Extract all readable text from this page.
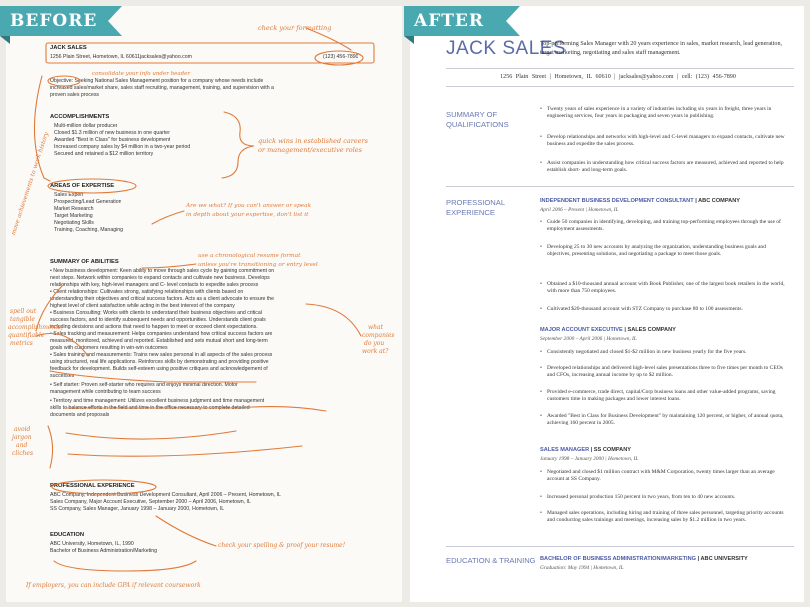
BEFORE
JACK SALES
1256 Plain Street, Hometown, IL 60611jacksales@yahoo.com	(123) 456-7890
Objective: Seeking National Sales Management position for a company whose needs include
increased sales/market share, sales staff recruiting, management, training, and supervision with a
proven sales process
ACCOMPLISHMENTS
Multi-million dollar producer
Closed $1.3 million of new business in one quarter
Awarded "Best in Class" for business development
Increased company sales by $4 million in a two-year period
Secured and retained a $12 million territory
AREAS OF EXPERTISE
Sales Expert
Prospecting/Lead Generation
Market Research
Target Marketing
Negotiating Skills
Training, Coaching, Managing
SUMMARY OF ABILITIES
• New business development: Keen ability to move through sales cycle by gaining commitment on
next steps. Network within companies to expand contacts and cultivate new business. Develops
relationships with key, high-level managers and C- level contacts to expedite sales process
• Client relationships: Cultivates strong, satisfying relationships with clients based on
understanding their objectives and critical success factors. Acts as a client advocate to ensure the
highest level of client satisfaction while acting in the best interest of the company
• Business Consulting: Works with clients to understand their business objectives and critical
success factors, and to identify subsequent needs and opportunities. Understands client goals
including decisions and actions that need to happen to meet or exceed client expectations.
• Sales tracking and measurement: Helps companies understand how critical success factors are
measured, monitored, achieved and reported. Established and sets mutual short and long-term
goals with customers resulting in win-win outcomes
• Sales training and measurements: Trains new sales personal in all aspects of the sales process
using structured, real life applications. Reinforces skills by demonstrating and providing positive
feedback for development. Builds self-esteem using positive critiques and acknowledgement of
successes
• Self starter: Proven self-starter who requires and enjoys minimal direction. Motor
management while contributing to team success
• Territory and time management: Utilizes excellent business judgment and time management
skills to balance efforts in the field and time in the office necessary to complete detailed
documents and proposals
PROFESSIONAL EXPERIENCE
ABC Company, Independent Business Development Consultant, April 2006 – Present, Hometown, IL
Sales Company, Major Account Executive, September 2000 – April 2006, Hometown, IL
SS Company, Sales Manager, January 1998 – January 2000, Hometown, IL
EDUCATION
ABC University, Hometown, IL, 1990
Bachelor of Business Administration/Marketing
check your formatting
consolidate your info under header
quick wins in established careers
or management/executive roles
Are we what? If you can't answer or speak
in depth about your expertise, don't list it
use a chronological resume format
unless you're transitioning or entry level
move achievements to work history
spell out
tangible
accomplishments,
quantifiable
metrics
avoid
jargon
and
cliches
what
companies
do you
work at?
check your spelling & proof your resume!
If employers, you can include GPA if relevant coursework
AFTER
JACK SALES
Top-performing Sales Manager with 20 years experience in sales, market research, lead generation, target marketing, negotiating and sales staff management.
1256 Plain Street | Hometown, IL 60610 | jacksales@yahoo.com | cell: (123) 456-7890
SUMMARY OF QUALIFICATIONS
• Twenty years of sales experience in a variety of industries including six years in freight, three years in engineering services, four years in packaging and seven years in publishing.
• Develop relationships and networks with high-level and C-level managers to expand contacts, cultivate new business and expedite the sales process.
• Assist companies in understanding how critical success factors are measured, achieved and reported to help establish short- and long-term goals.
PROFESSIONAL EXPERIENCE
INDEPENDENT BUSINESS DEVELOPMENT CONSULTANT | ABC COMPANY
April 2006 – Present | Hometown, IL
• Guide 50 companies in identifying, developing, and training top-performing employees through the use of employment assessments.
• Developing 25 to 30 new accounts by analyzing the organization, understanding business goals and objectives, presenting solutions, and negotiating a package to meet those goals.
• Obtained a $10-thousand annual account with Book Publisher, one of the largest book retailers in the world, with more than 750 employees.
• Cultivated $20-thousand account with STZ Company to purchase 80 to 100 assessments.
MAJOR ACCOUNT EXECUTIVE | SALES COMPANY
September 2000 – April 2006 | Hometown, IL
• Consistently negotiated and closed $1-$2 million in new business yearly for the five years.
• Developed relationships and delivered high-level sales presentations three to five times per month to CEOs and CFOs, increasing annual income by up to $2 million.
• Provided e-commerce, trade direct, capital/Corp business loans and other value-added programs, saving customers time in making packages and lower interest loans.
• Awarded "Best in Class for Business Development" by maintaining 120 percent, or higher, of annual quota, achieving 160 percent in 2005.
SALES MANAGER | SS COMPANY
January 1998 – January 2000 | Hometown, IL
• Negotiated and closed $1 million contract with M&M Corporation, twenty times larger than an average account at SS Company.
• Increased personal production 150 percent in two years, from ten to 40 new accounts.
• Managed sales operations, including hiring and training of three sales personnel, targeting priority accounts and conducting sales trainings and meetings, increasing sales by $1.2 million in two years.
EDUCATION & TRAINING BACHELOR OF BUSINESS ADMINISTRATION/MARKETING | ABC UNIVERSITY
Graduation: May 1994 | Hometown, IL
